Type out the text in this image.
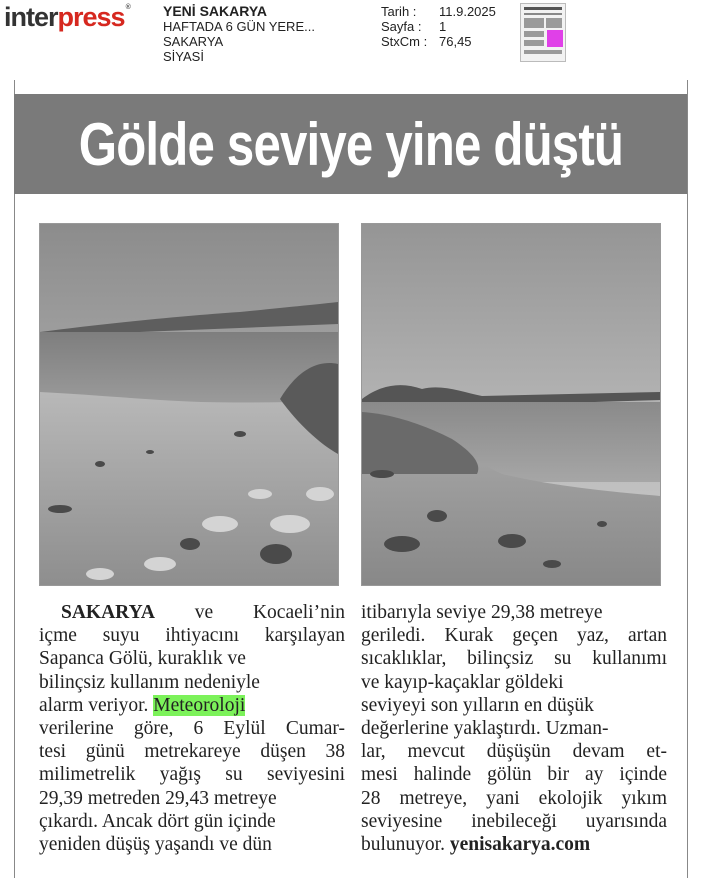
interpress® YENİ SAKARYA
HAFTADA 6 GÜN YERE...
SAKARYA
SİYASİ
Tarih :	11.9.2025
Sayfa :	1
StxCm : 76,45
Gölde seviye yine düştü
SAKARYA ve Kocaeli’nin
içme suyu ihtiyacını karşılayan
Sapanca Gölü, kuraklık ve
bilinçsiz kullanım nedeniyle
alarm veriyor. Meteoroloji
verilerine göre, 6 Eylül Cumar-
tesi günü metrekareye düşen 38
milimetrelik yağış su seviyesini
29,39 metreden 29,43 metreye
çıkardı. Ancak dört gün içinde
yeniden düşüş yaşandı ve dün
itibarıyla seviye 29,38 metreye
geriledi. Kurak geçen yaz, artan
sıcaklıklar, bilinçsiz su kullanımı
ve kayıp-kaçaklar göldeki
seviyeyi son yılların en düşük
değerlerine yaklaştırdı. Uzman-
lar, mevcut düşüşün devam et-
mesi halinde gölün bir ay içinde
28 metreye, yani ekolojik yıkım
seviyesine inebileceği uyarısında
bulunuyor. yenisakarya.com
